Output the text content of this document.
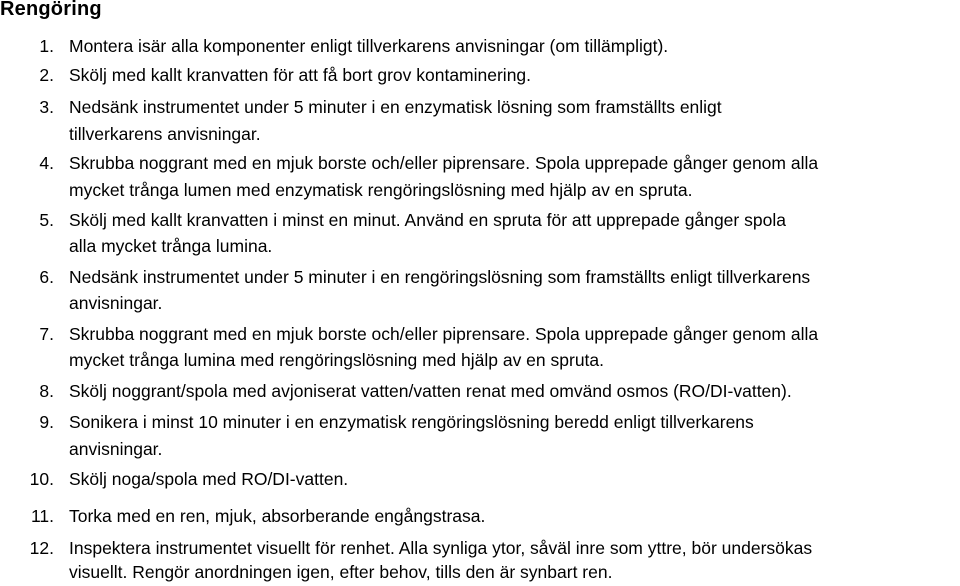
Rengöring
1. Montera isär alla komponenter enligt tillverkarens anvisningar (om tillämpligt).
2. Skölj med kallt kranvatten för att få bort grov kontaminering.
3. Nedsänk instrumentet under 5 minuter i en enzymatisk lösning som framställts enligt
tillverkarens anvisningar.
4. Skrubba noggrant med en mjuk borste och/eller piprensare. Spola upprepade gånger genom alla
mycket trånga lumen med enzymatisk rengöringslösning med hjälp av en spruta.
5. Skölj med kallt kranvatten i minst en minut. Använd en spruta för att upprepade gånger spola
alla mycket trånga lumina.
6. Nedsänk instrumentet under 5 minuter i en rengöringslösning som framställts enligt tillverkarens
anvisningar.
7. Skrubba noggrant med en mjuk borste och/eller piprensare. Spola upprepade gånger genom alla
mycket trånga lumina med rengöringslösning med hjälp av en spruta.
8. Skölj noggrant/spola med avjoniserat vatten/vatten renat med omvänd osmos (RO/DI-vatten).
9. Sonikera i minst 10 minuter i en enzymatisk rengöringslösning beredd enligt tillverkarens
anvisningar.
10. Skölj noga/spola med RO/DI-vatten.
11. Torka med en ren, mjuk, absorberande engångstrasa.
12. Inspektera instrumentet visuellt för renhet. Alla synliga ytor, såväl inre som yttre, bör undersökas
visuellt. Rengör anordningen igen, efter behov, tills den är synbart ren.
